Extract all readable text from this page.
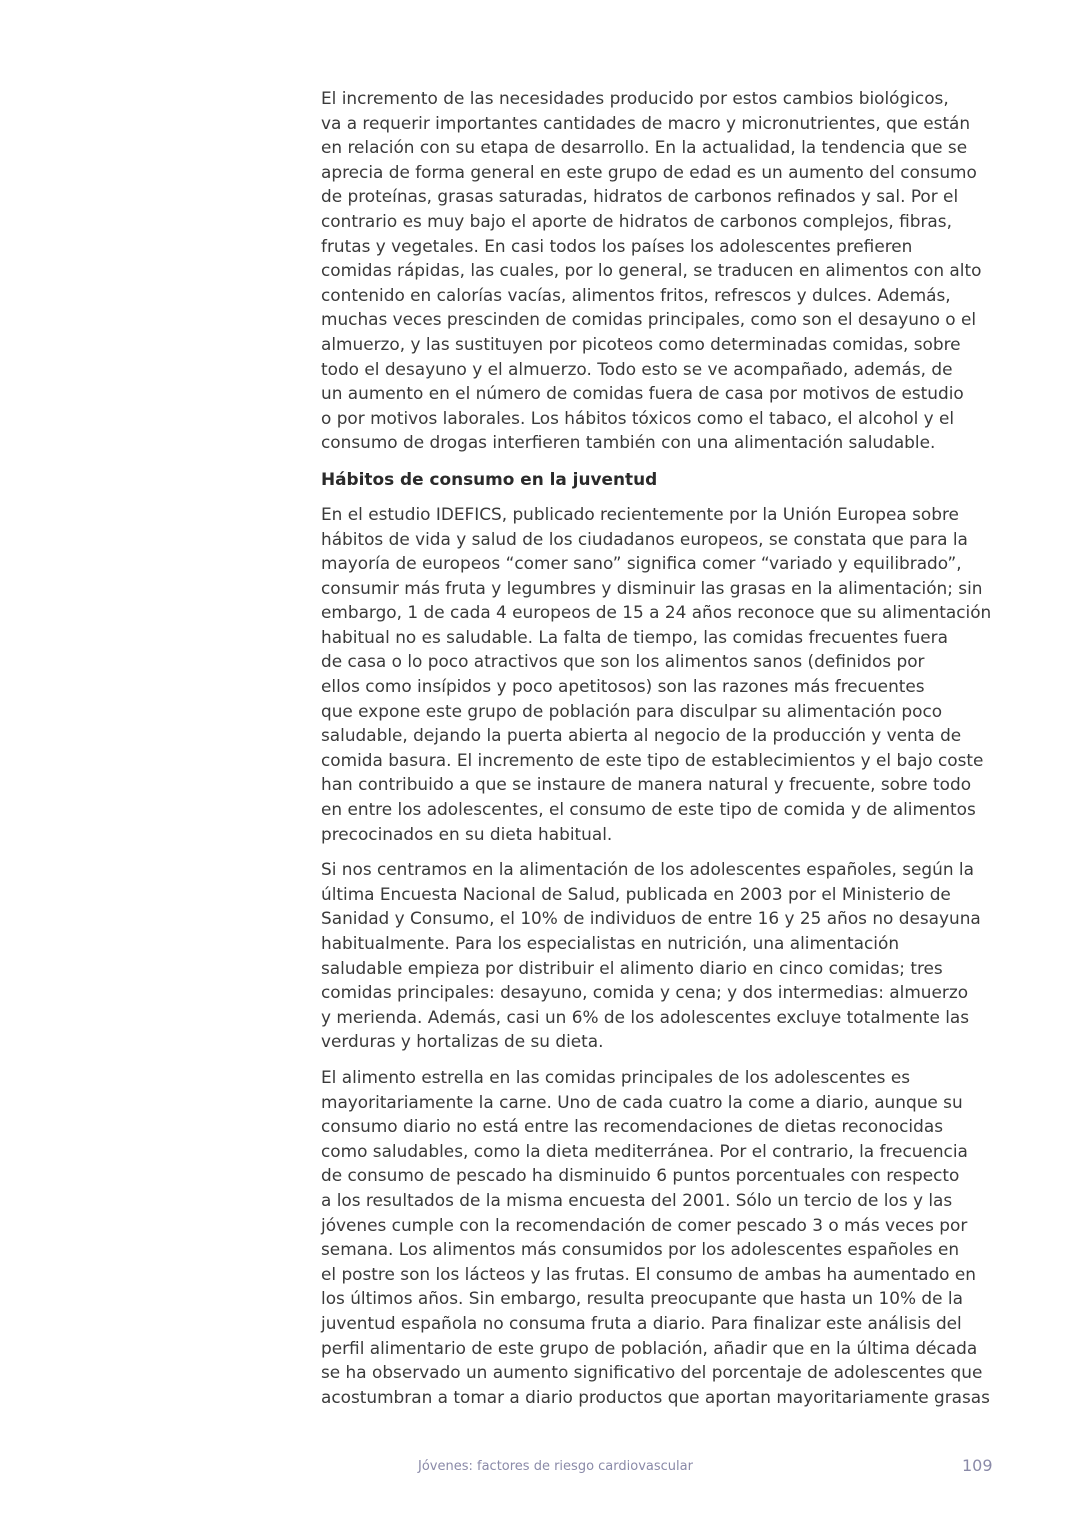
El incremento de las necesidades producido por estos cambios biológicos,
va a requerir importantes cantidades de macro y micronutrientes, que están
en relación con su etapa de desarrollo. En la actualidad, la tendencia que se
aprecia de forma general en este grupo de edad es un aumento del consumo
de proteínas, grasas saturadas, hidratos de carbonos refinados y sal. Por el
contrario es muy bajo el aporte de hidratos de carbonos complejos, fibras,
frutas y vegetales. En casi todos los países los adolescentes prefieren
comidas rápidas, las cuales, por lo general, se traducen en alimentos con alto
contenido en calorías vacías, alimentos fritos, refrescos y dulces. Además,
muchas veces prescinden de comidas principales, como son el desayuno o el
almuerzo, y las sustituyen por picoteos como determinadas comidas, sobre
todo el desayuno y el almuerzo. Todo esto se ve acompañado, además, de
un aumento en el número de comidas fuera de casa por motivos de estudio
o por motivos laborales. Los hábitos tóxicos como el tabaco, el alcohol y el
consumo de drogas interfieren también con una alimentación saludable.
Hábitos de consumo en la juventud
En el estudio IDEFICS, publicado recientemente por la Unión Europea sobre
hábitos de vida y salud de los ciudadanos europeos, se constata que para la
mayoría de europeos “comer sano” significa comer “variado y equilibrado”,
consumir más fruta y legumbres y disminuir las grasas en la alimentación; sin
embargo, 1 de cada 4 europeos de 15 a 24 años reconoce que su alimentación
habitual no es saludable. La falta de tiempo, las comidas frecuentes fuera
de casa o lo poco atractivos que son los alimentos sanos (definidos por
ellos como insípidos y poco apetitosos) son las razones más frecuentes
que expone este grupo de población para disculpar su alimentación poco
saludable, dejando la puerta abierta al negocio de la producción y venta de
comida basura. El incremento de este tipo de establecimientos y el bajo coste
han contribuido a que se instaure de manera natural y frecuente, sobre todo
en entre los adolescentes, el consumo de este tipo de comida y de alimentos
precocinados en su dieta habitual.
Si nos centramos en la alimentación de los adolescentes españoles, según la
última Encuesta Nacional de Salud, publicada en 2003 por el Ministerio de
Sanidad y Consumo, el 10% de individuos de entre 16 y 25 años no desayuna
habitualmente. Para los especialistas en nutrición, una alimentación
saludable empieza por distribuir el alimento diario en cinco comidas; tres
comidas principales: desayuno, comida y cena; y dos intermedias: almuerzo
y merienda. Además, casi un 6% de los adolescentes excluye totalmente las
verduras y hortalizas de su dieta.
El alimento estrella en las comidas principales de los adolescentes es
mayoritariamente la carne. Uno de cada cuatro la come a diario, aunque su
consumo diario no está entre las recomendaciones de dietas reconocidas
como saludables, como la dieta mediterránea. Por el contrario, la frecuencia
de consumo de pescado ha disminuido 6 puntos porcentuales con respecto
a los resultados de la misma encuesta del 2001. Sólo un tercio de los y las
jóvenes cumple con la recomendación de comer pescado 3 o más veces por
semana. Los alimentos más consumidos por los adolescentes españoles en
el postre son los lácteos y las frutas. El consumo de ambas ha aumentado en
los últimos años. Sin embargo, resulta preocupante que hasta un 10% de la
juventud española no consuma fruta a diario. Para finalizar este análisis del
perfil alimentario de este grupo de población, añadir que en la última década
se ha observado un aumento significativo del porcentaje de adolescentes que
acostumbran a tomar a diario productos que aportan mayoritariamente grasas
Jóvenes: factores de riesgo cardiovascular	109
